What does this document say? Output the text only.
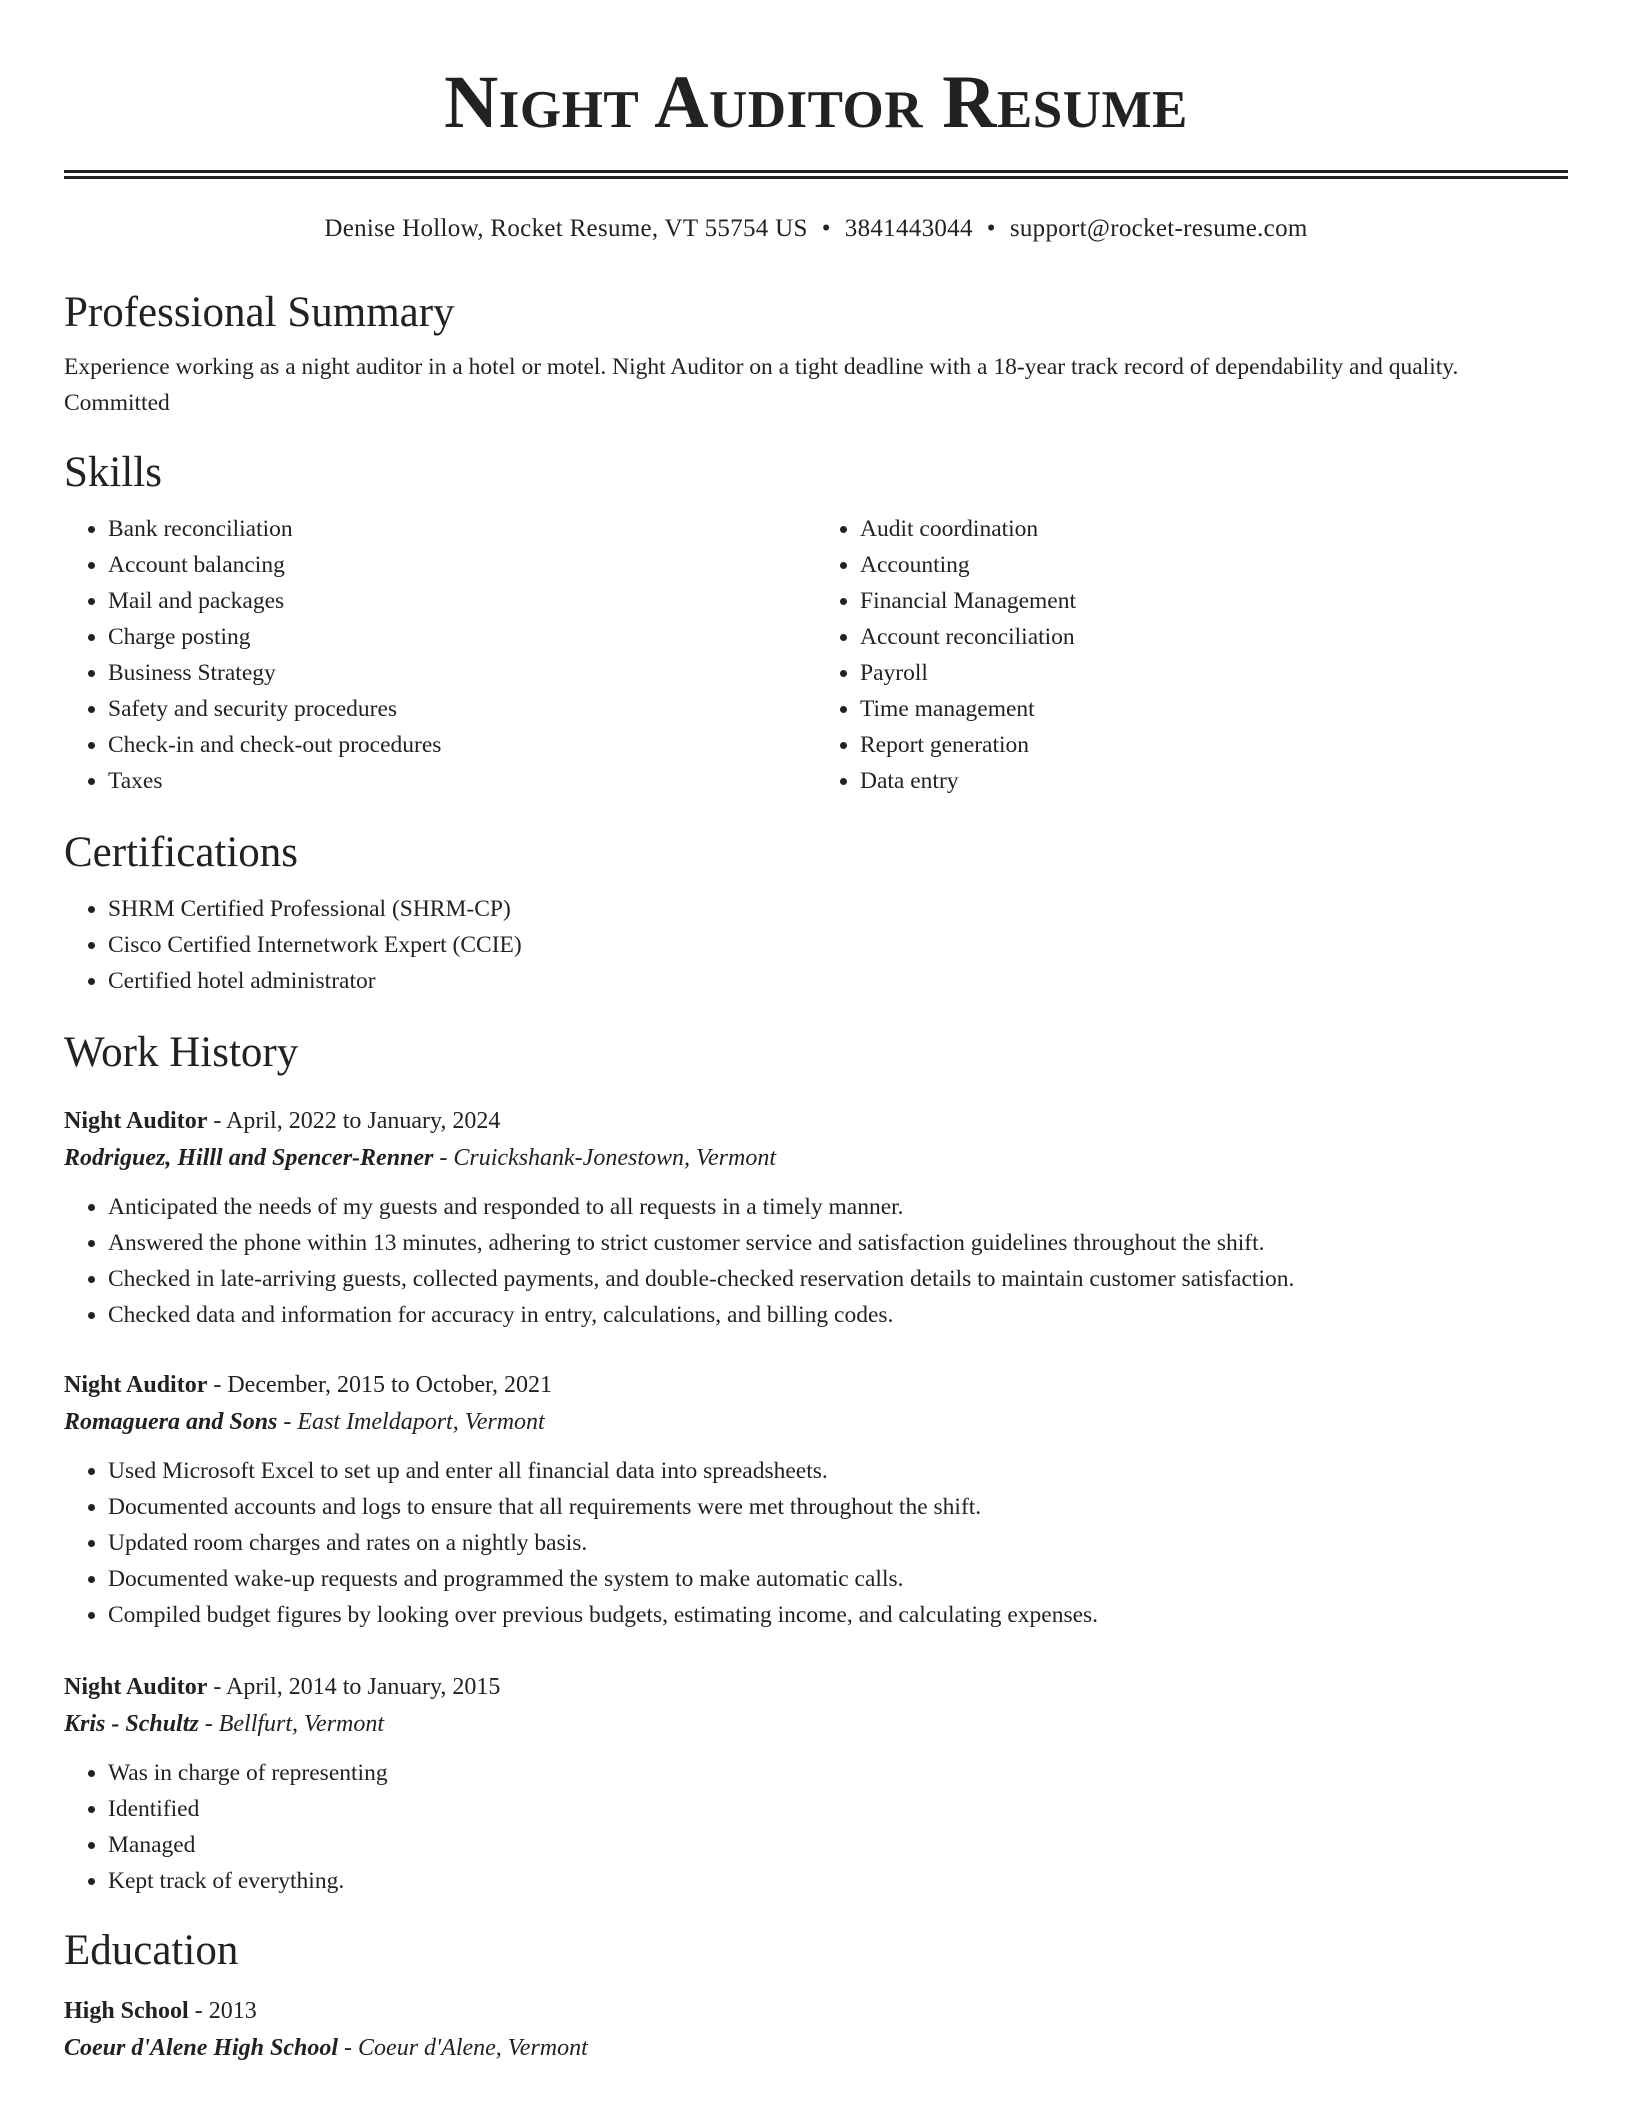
Night Auditor Resume
Denise Hollow, Rocket Resume, VT 55754 US • 3841443044 • support@rocket-resume.com
Professional Summary
Experience working as a night auditor in a hotel or motel. Night Auditor on a tight deadline with a 18-year track record of dependability and quality. Committed
Skills
• Bank reconciliation
• Account balancing
• Mail and packages
• Charge posting
• Business Strategy
• Safety and security procedures
• Check-in and check-out procedures
• Taxes
• Audit coordination
• Accounting
• Financial Management
• Account reconciliation
• Payroll
• Time management
• Report generation
• Data entry
Certifications
• SHRM Certified Professional (SHRM-CP)
• Cisco Certified Internetwork Expert (CCIE)
• Certified hotel administrator
Work History
Night Auditor - April, 2022 to January, 2024
Rodriguez, Hilll and Spencer-Renner - Cruickshank-Jonestown, Vermont
• Anticipated the needs of my guests and responded to all requests in a timely manner.
• Answered the phone within 13 minutes, adhering to strict customer service and satisfaction guidelines throughout the shift.
• Checked in late-arriving guests, collected payments, and double-checked reservation details to maintain customer satisfaction.
• Checked data and information for accuracy in entry, calculations, and billing codes.
Night Auditor - December, 2015 to October, 2021
Romaguera and Sons - East Imeldaport, Vermont
• Used Microsoft Excel to set up and enter all financial data into spreadsheets.
• Documented accounts and logs to ensure that all requirements were met throughout the shift.
• Updated room charges and rates on a nightly basis.
• Documented wake-up requests and programmed the system to make automatic calls.
• Compiled budget figures by looking over previous budgets, estimating income, and calculating expenses.
Night Auditor - April, 2014 to January, 2015
Kris - Schultz - Bellfurt, Vermont
• Was in charge of representing
• Identified
• Managed
• Kept track of everything.
Education
High School - 2013
Coeur d'Alene High School - Coeur d'Alene, Vermont
